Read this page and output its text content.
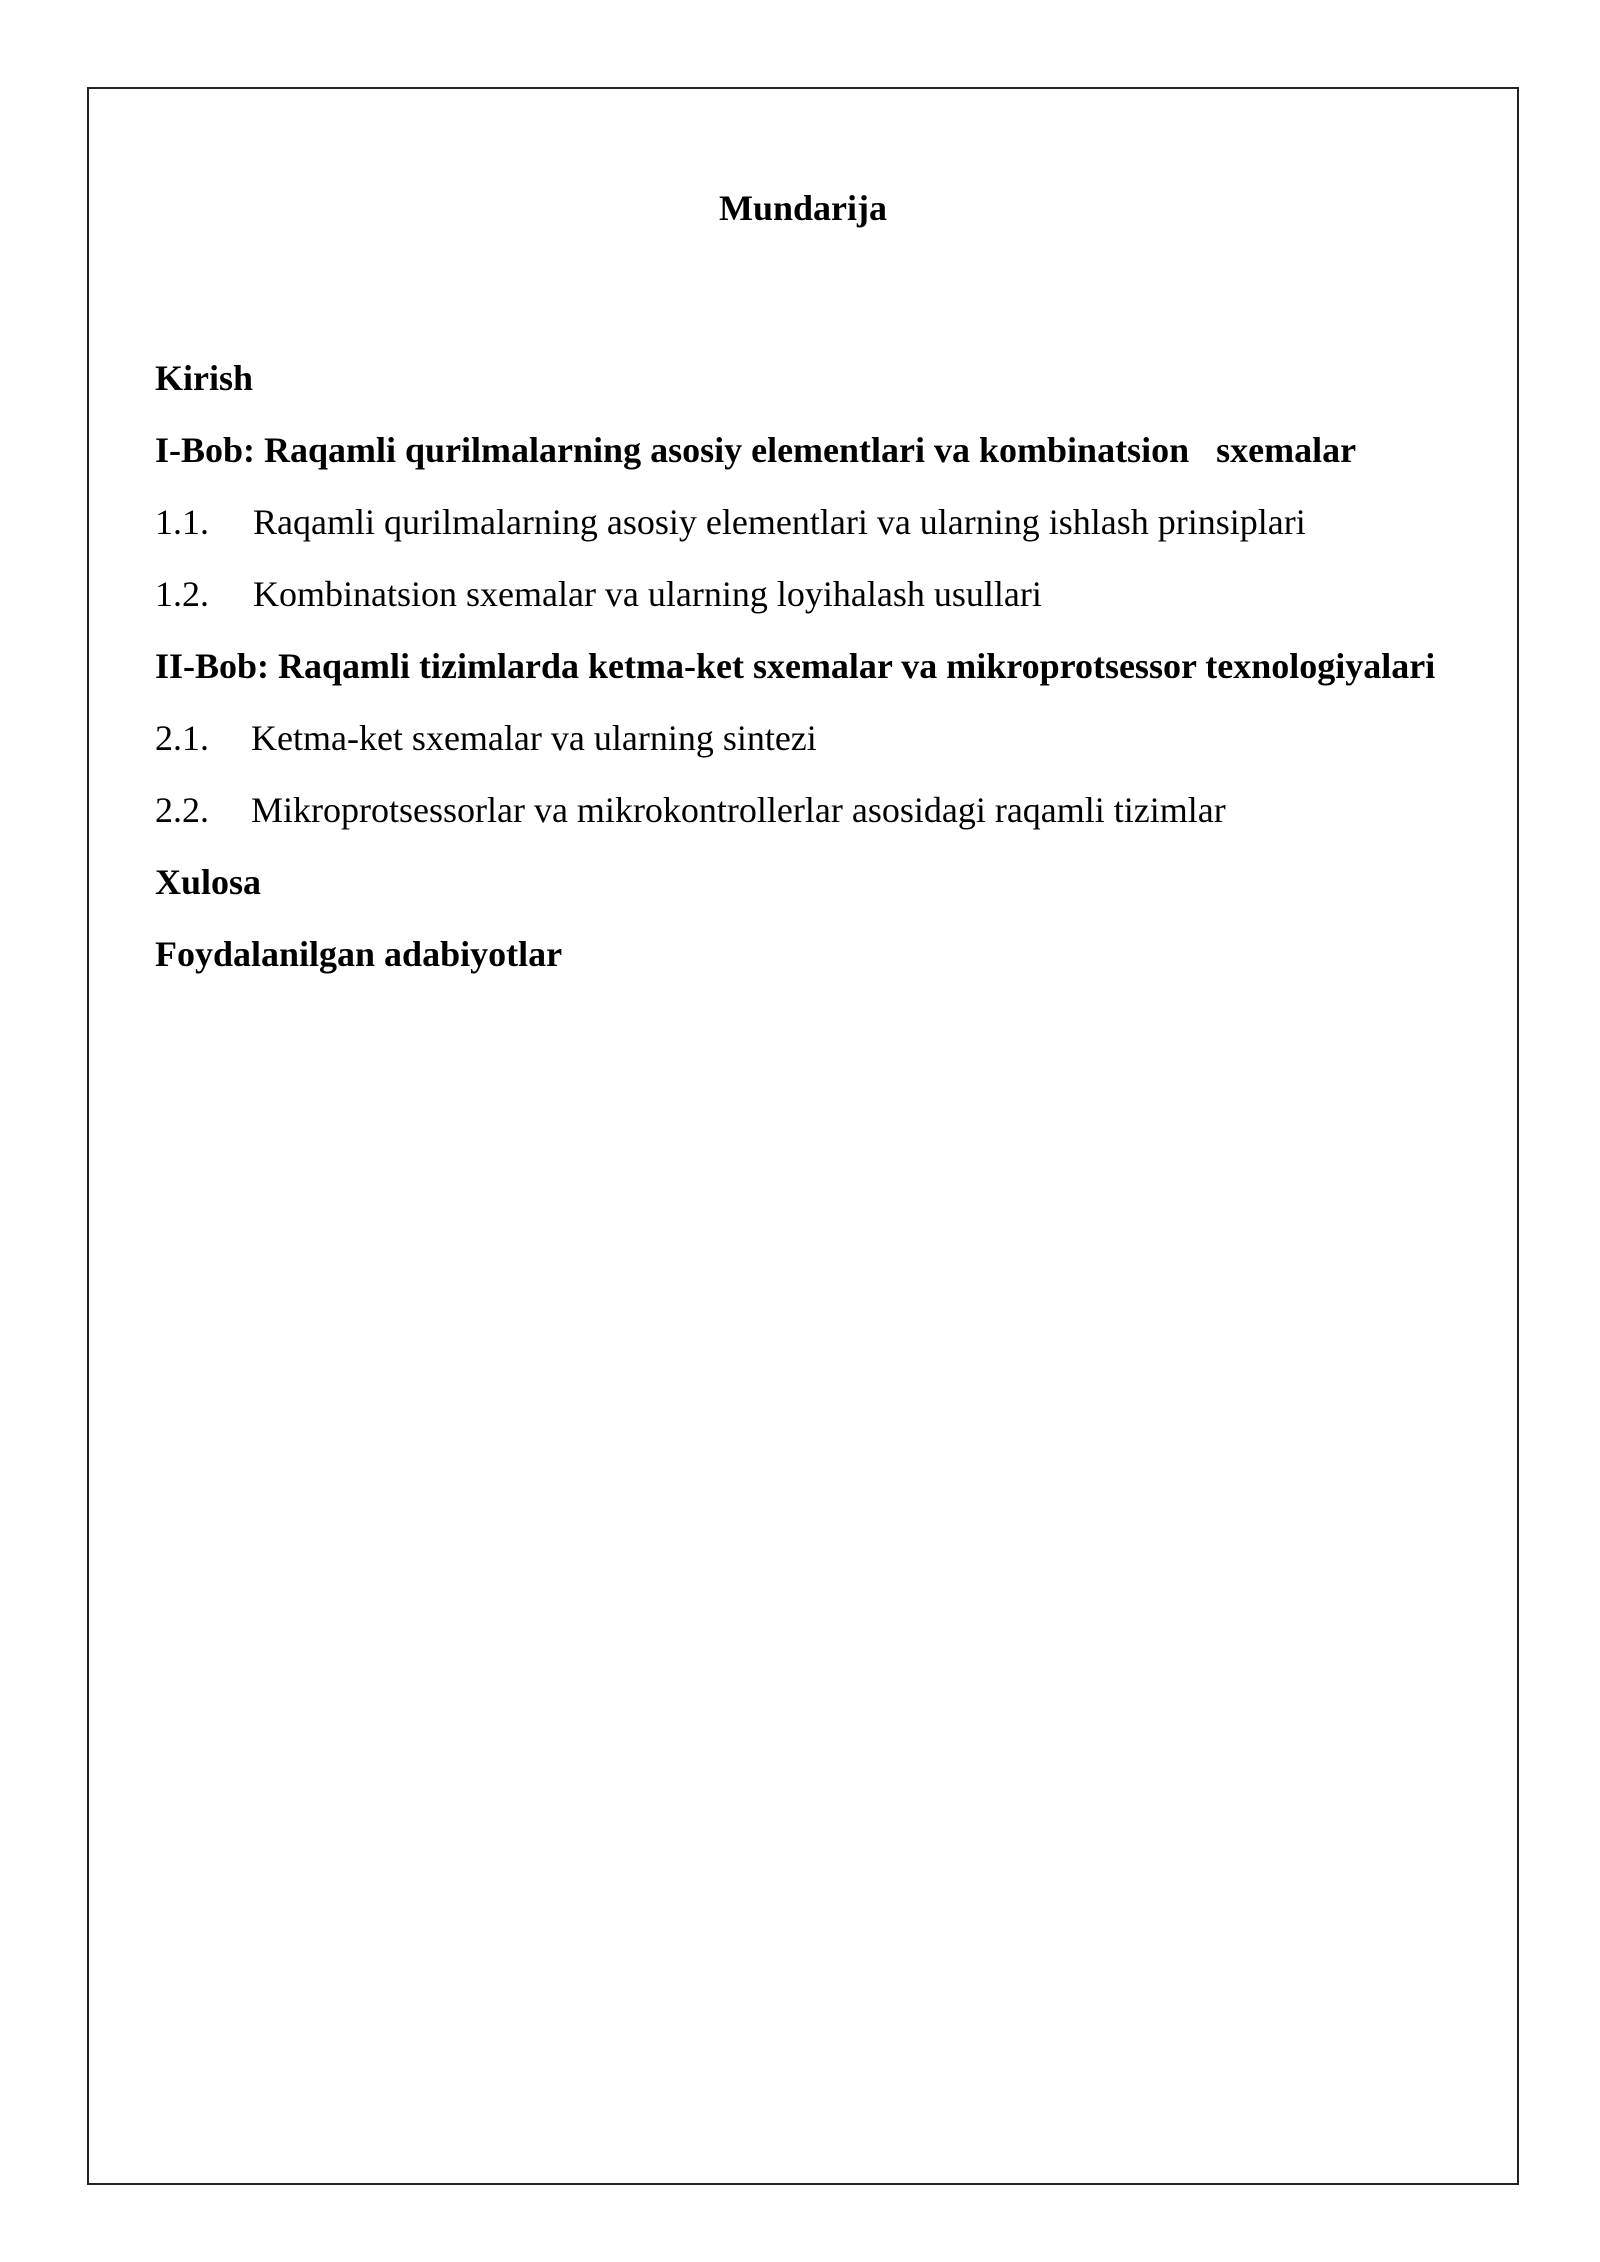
Mundarija
Kirish
I-Bob: Raqamli qurilmalarning asosiy elementlari va kombinatsion   sxemalar
1.1.	Raqamli qurilmalarning asosiy elementlari va ularning ishlash prinsiplari
1.2.	Kombinatsion sxemalar va ularning loyihalash usullari
II-Bob: Raqamli tizimlarda ketma-ket sxemalar va mikroprotsessor texnologiyalari
2.1.	Ketma-ket sxemalar va ularning sintezi
2.2.	Mikroprotsessorlar va mikrokontrollerlar asosidagi raqamli tizimlar
Xulosa
Foydalanilgan adabiyotlar
